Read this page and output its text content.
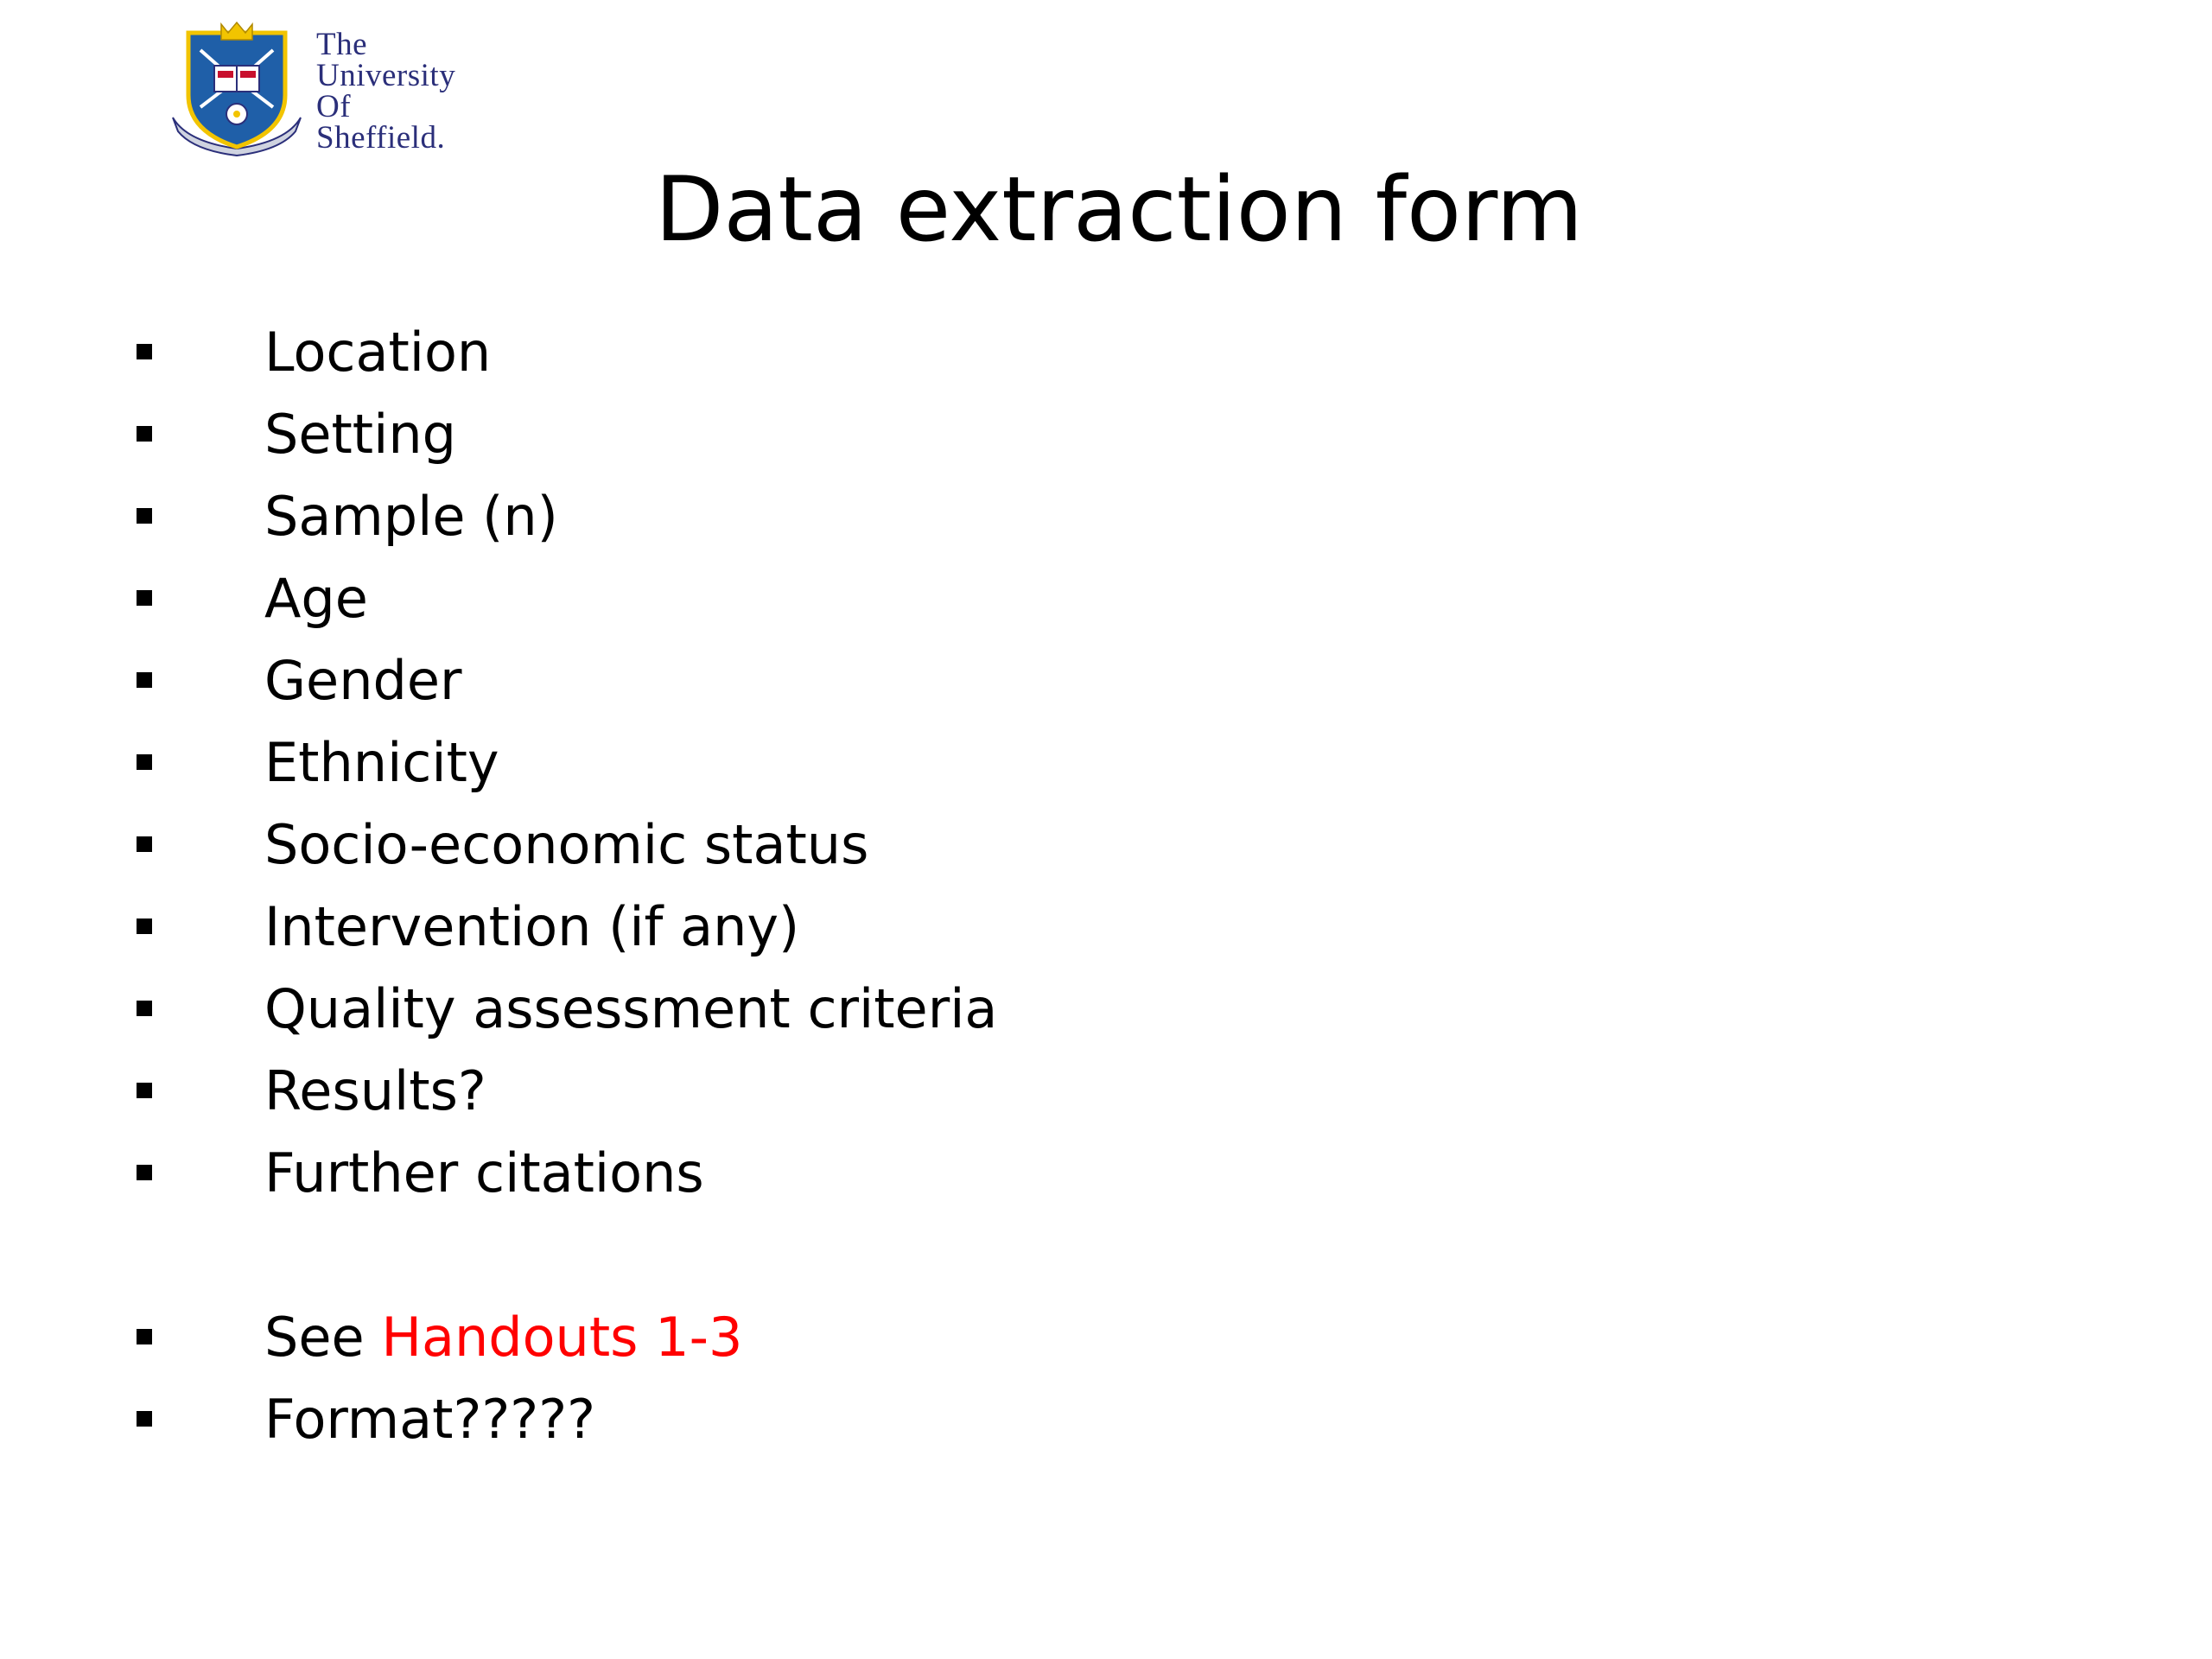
The
University
Of
Sheffield.
Data extraction form
Location
Setting
Sample (n)
Age
Gender
Ethnicity
Socio-economic status
Intervention (if any)
Quality assessment criteria
Results?
Further citations
See Handouts 1-3
Format?????
